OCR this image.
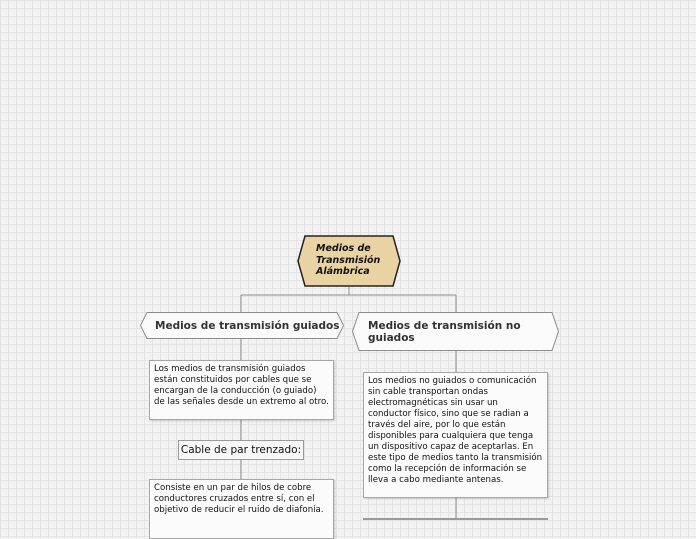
Medios de Transmisión Alámbrica
Medios de transmisión guiados	Medios de transmisión no guiados
Los medios de transmisión guiados están constituidos por cables que se encargan de la conducción (o guiado) de las señales desde un extremo al otro.
Cable de par trenzado:
Consiste en un par de hilos de cobre conductores cruzados entre sí, con el objetivo de reducir el ruido de diafonía.
Los medios no guiados o comunicación sin cable transportan ondas electromagnéticas sin usar un conductor físico, sino que se radian a través del aire, por lo que están disponibles para cualquiera que tenga un dispositivo capaz de aceptarlas. En este tipo de medios tanto la transmisión como la recepción de información se lleva a cabo mediante antenas.
